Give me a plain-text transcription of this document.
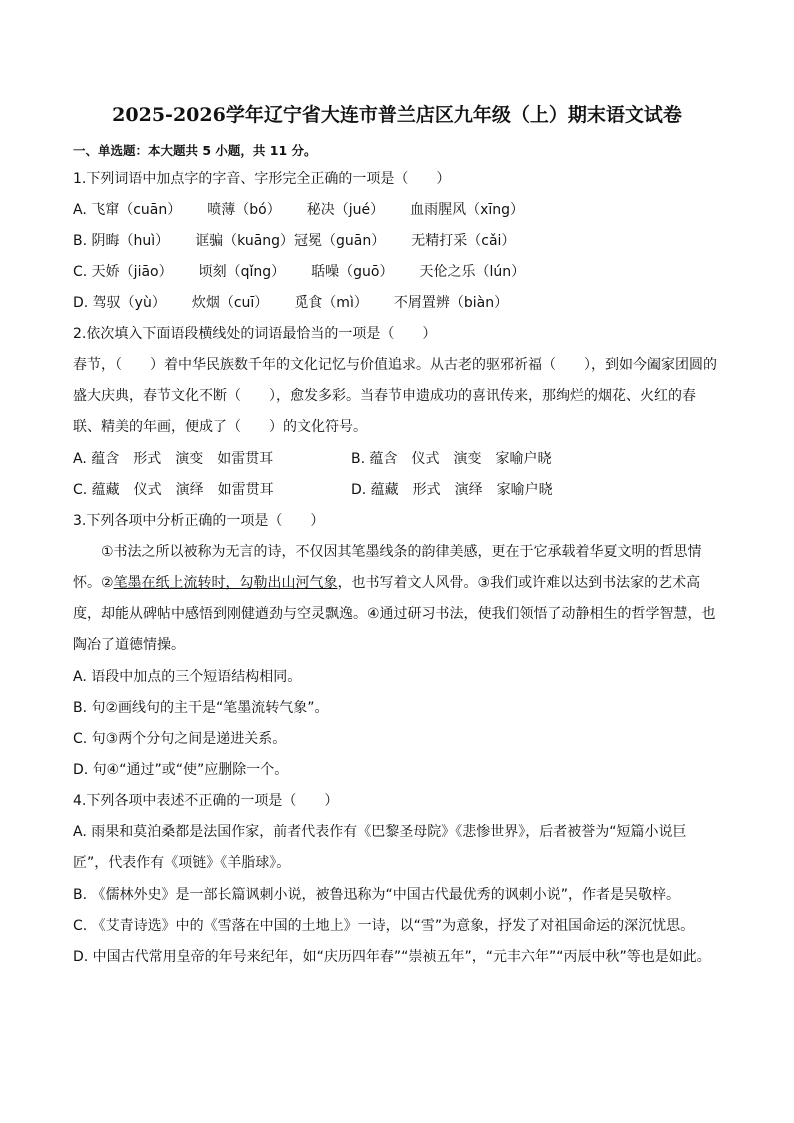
2025-2026学年辽宁省大连市普兰店区九年级（上）期末语文试卷
一、单选题：本大题共 5 小题，共 11 分。
1.下列词语中加点字的字音、字形完全正确的一项是（　　）
A. 飞窜（cuān） 喷薄（bó） 秘决（jué） 血雨腥风（xīng）
B. 阴晦（huì） 诓骗（kuāng）冠冕（guān） 无精打采（cǎi）
C. 天娇（jiāo） 顷刻（qǐng） 聒噪（guō） 天伦之乐（lún）
D. 驾驭（yù） 炊烟（cuī） 觅食（mì） 不屑置辨（biàn）
2.依次填入下面语段横线处的词语最恰当的一项是（　　）
春节，（　　）着中华民族数千年的文化记忆与价值追求。从古老的驱邪祈福（　　），到如今阖家团圆的盛大庆典，春节文化不断（　　），愈发多彩。当春节申遗成功的喜讯传来，那绚烂的烟花、火红的春联、精美的年画，便成了（　　）的文化符号。
A. 蕴含　形式　演变　如雷贯耳	B. 蕴含　仪式　演变　家喻户晓
C. 蕴藏　仪式　演绎　如雷贯耳	D. 蕴藏　形式　演绎　家喻户晓
3.下列各项中分析正确的一项是（　　）
①书法之所以被称为无言的诗，不仅因其笔墨线条的韵律美感，更在于它承载着华夏文明的哲思情怀。②笔墨在纸上流转时，勾勒出山河气象，也书写着文人风骨。③我们或许难以达到书法家的艺术高度，却能从碑帖中感悟到刚健遒劲与空灵飘逸。④通过研习书法，使我们领悟了动静相生的哲学智慧，也陶冶了道德情操。
A. 语段中加点的三个短语结构相同。
B. 句②画线句的主干是“笔墨流转气象”。
C. 句③两个分句之间是递进关系。
D. 句④“通过”或“使”应删除一个。
4.下列各项中表述不正确的一项是（　　）
A. 雨果和莫泊桑都是法国作家，前者代表作有《巴黎圣母院》《悲惨世界》，后者被誉为“短篇小说巨匠”，代表作有《项链》《羊脂球》。
B. 《儒林外史》是一部长篇讽刺小说，被鲁迅称为“中国古代最优秀的讽刺小说”，作者是吴敬梓。
C. 《艾青诗选》中的《雪落在中国的土地上》一诗，以“雪”为意象，抒发了对祖国命运的深沉忧思。
D. 中国古代常用皇帝的年号来纪年，如“庆历四年春”“崇祯五年”，“元丰六年”“丙辰中秋”等也是如此。
